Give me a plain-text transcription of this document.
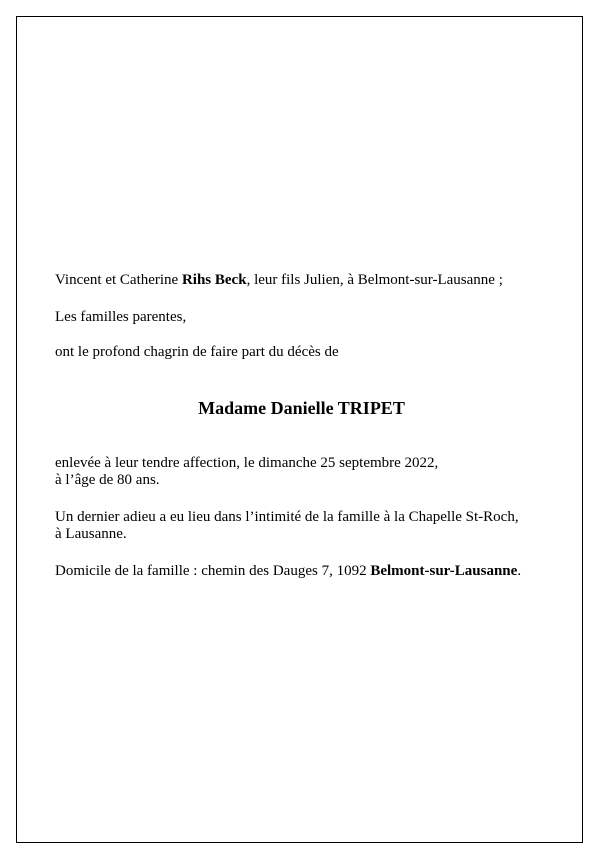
Vincent et Catherine Rihs Beck, leur fils Julien, à Belmont-sur-Lausanne ;

Les familles parentes,

ont le profond chagrin de faire part du décès de

Madame Danielle TRIPET

enlevée à leur tendre affection, le dimanche 25 septembre 2022,
à l’âge de 80 ans.

Un dernier adieu a eu lieu dans l’intimité de la famille à la Chapelle St-Roch,
à Lausanne.

Domicile de la famille : chemin des Dauges 7, 1092 Belmont-sur-Lausanne.
